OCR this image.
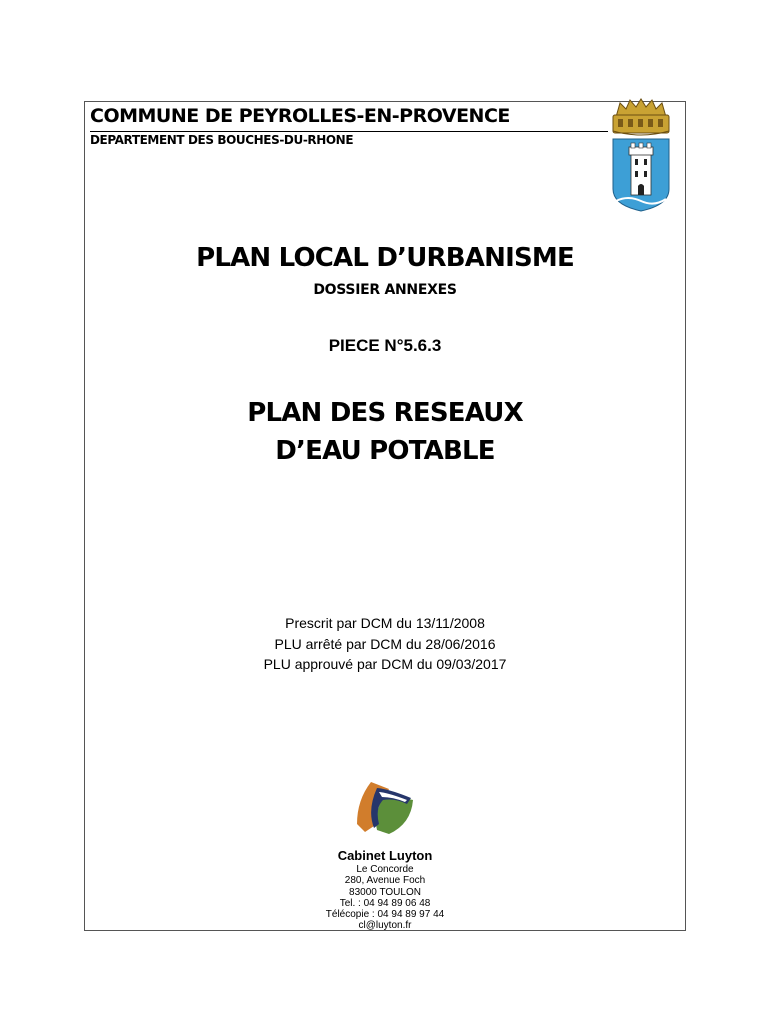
COMMUNE DE PEYROLLES-EN-PROVENCE
DEPARTEMENT DES BOUCHES-DU-RHONE
PLAN LOCAL D’URBANISME
DOSSIER ANNEXES
PIECE N°5.6.3
PLAN DES RESEAUX
D’EAU POTABLE
Prescrit par DCM du 13/11/2008
PLU arrêté par DCM du 28/06/2016
PLU approuvé par DCM du 09/03/2017
Cabinet Luyton
Le Concorde
280, Avenue Foch
83000 TOULON
Tel. : 04 94 89 06 48
Télécopie : 04 94 89 97 44
cl@luyton.fr
